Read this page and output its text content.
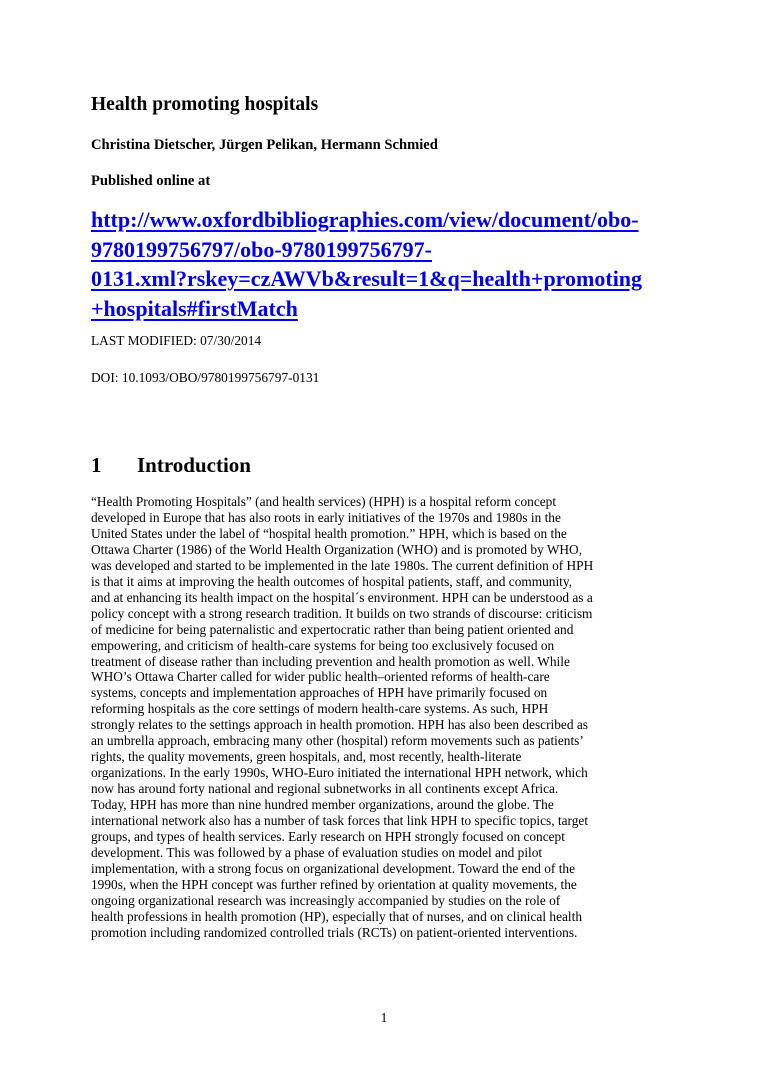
Health promoting hospitals
Christina Dietscher, Jürgen Pelikan, Hermann Schmied
Published online at
http://www.oxfordbibliographies.com/view/document/obo-
9780199756797/obo-9780199756797-
0131.xml?rskey=czAWVb&result=1&q=health+promoting
+hospitals#firstMatch
LAST MODIFIED: 07/30/2014
DOI: 10.1093/OBO/9780199756797-0131
1 Introduction
“Health Promoting Hospitals” (and health services) (HPH) is a hospital reform concept
developed in Europe that has also roots in early initiatives of the 1970s and 1980s in the
United States under the label of “hospital health promotion.” HPH, which is based on the
Ottawa Charter (1986) of the World Health Organization (WHO) and is promoted by WHO,
was developed and started to be implemented in the late 1980s. The current definition of HPH
is that it aims at improving the health outcomes of hospital patients, staff, and community,
and at enhancing its health impact on the hospital´s environment. HPH can be understood as a
policy concept with a strong research tradition. It builds on two strands of discourse: criticism
of medicine for being paternalistic and expertocratic rather than being patient oriented and
empowering, and criticism of health-care systems for being too exclusively focused on
treatment of disease rather than including prevention and health promotion as well. While
WHO’s Ottawa Charter called for wider public health–oriented reforms of health-care
systems, concepts and implementation approaches of HPH have primarily focused on
reforming hospitals as the core settings of modern health-care systems. As such, HPH
strongly relates to the settings approach in health promotion. HPH has also been described as
an umbrella approach, embracing many other (hospital) reform movements such as patients’
rights, the quality movements, green hospitals, and, most recently, health-literate
organizations. In the early 1990s, WHO-Euro initiated the international HPH network, which
now has around forty national and regional subnetworks in all continents except Africa.
Today, HPH has more than nine hundred member organizations, around the globe. The
international network also has a number of task forces that link HPH to specific topics, target
groups, and types of health services. Early research on HPH strongly focused on concept
development. This was followed by a phase of evaluation studies on model and pilot
implementation, with a strong focus on organizational development. Toward the end of the
1990s, when the HPH concept was further refined by orientation at quality movements, the
ongoing organizational research was increasingly accompanied by studies on the role of
health professions in health promotion (HP), especially that of nurses, and on clinical health
promotion including randomized controlled trials (RCTs) on patient-oriented interventions.
1
